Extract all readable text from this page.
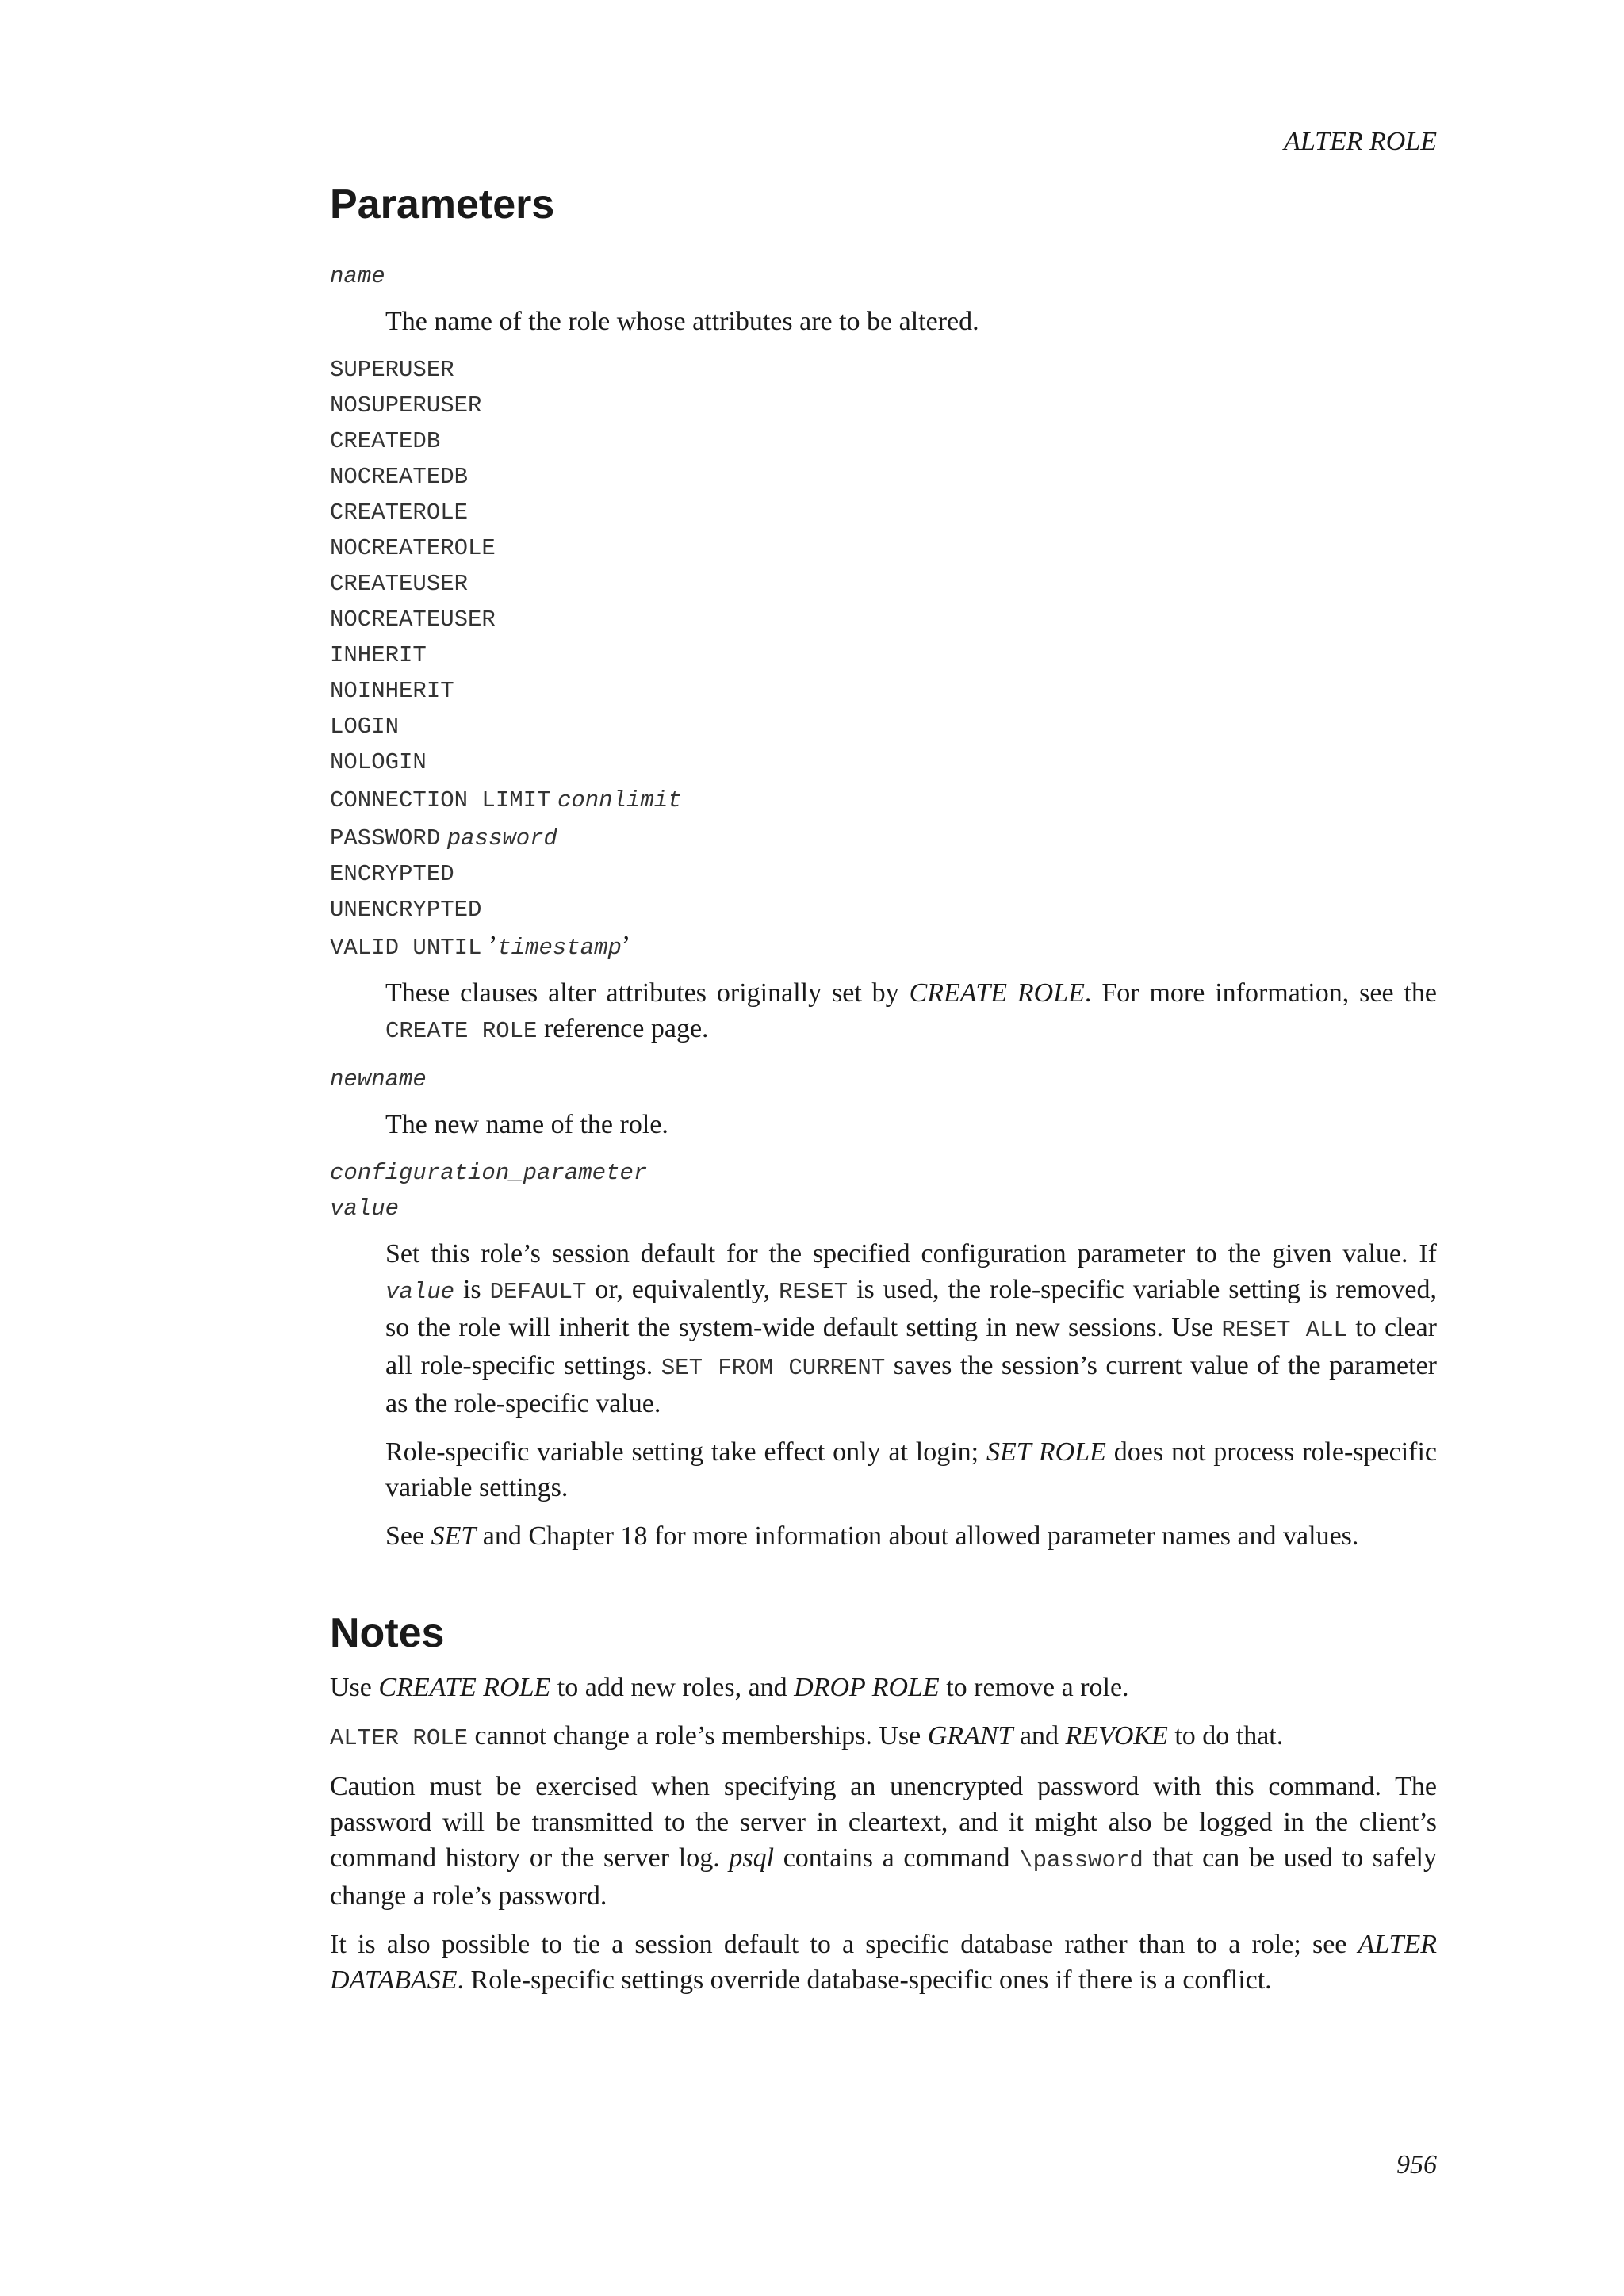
ALTER ROLE
Parameters
name

The name of the role whose attributes are to be altered.

SUPERUSER
NOSUPERUSER
CREATEDB
NOCREATEDB
CREATEROLE
NOCREATEROLE
CREATEUSER
NOCREATEUSER
INHERIT
NOINHERIT
LOGIN
NOLOGIN
CONNECTION LIMIT connlimit
PASSWORD password
ENCRYPTED
UNENCRYPTED
VALID UNTIL ’timestamp’

These clauses alter attributes originally set by CREATE ROLE. For more information, see the CREATE ROLE reference page.

newname

The new name of the role.

configuration_parameter
value

Set this role’s session default for the specified configuration parameter to the given value. If value is DEFAULT or, equivalently, RESET is used, the role-specific variable setting is removed, so the role will inherit the system-wide default setting in new sessions. Use RESET ALL to clear all role-specific settings. SET FROM CURRENT saves the session’s current value of the parameter as the role-specific value.

Role-specific variable setting take effect only at login; SET ROLE does not process role-specific variable settings.

See SET and Chapter 18 for more information about allowed parameter names and values.

Notes

Use CREATE ROLE to add new roles, and DROP ROLE to remove a role.

ALTER ROLE cannot change a role’s memberships. Use GRANT and REVOKE to do that.

Caution must be exercised when specifying an unencrypted password with this command. The password will be transmitted to the server in cleartext, and it might also be logged in the client’s command history or the server log. psql contains a command \password that can be used to safely change a role’s password.

It is also possible to tie a session default to a specific database rather than to a role; see ALTER DATABASE. Role-specific settings override database-specific ones if there is a conflict.

956
